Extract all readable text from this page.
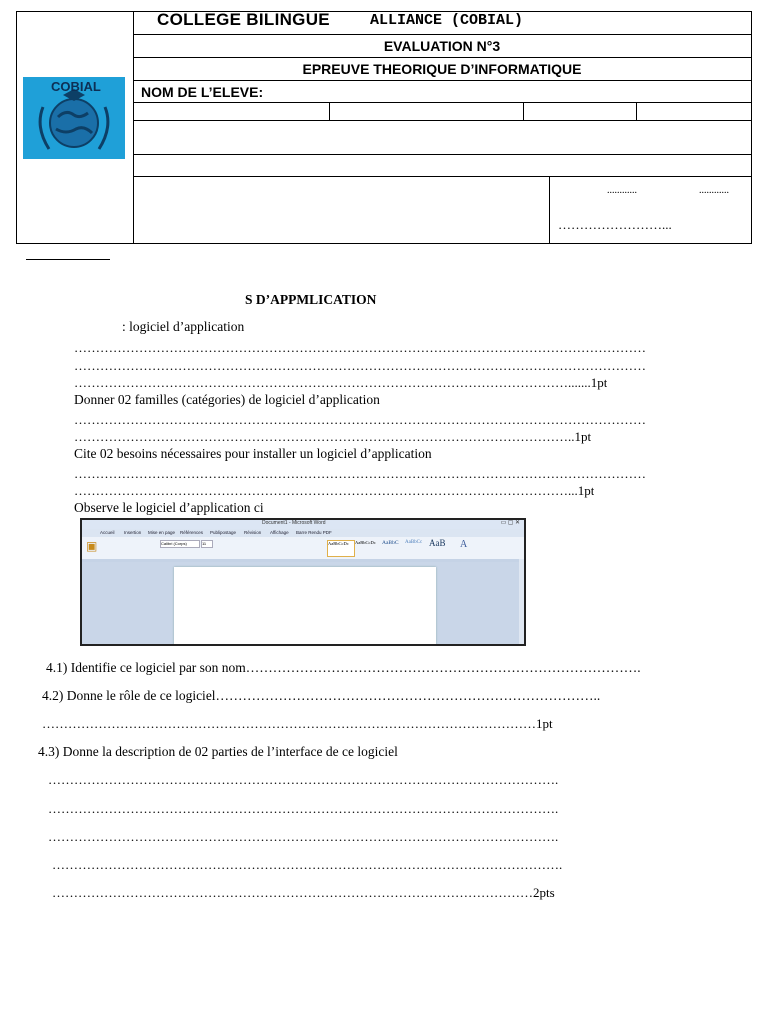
COBIAL
COLLEGE BILINGUE	ALLIANCE (COBIAL)
EVALUATION N°3
EPREUVE THEORIQUE D’INFORMATIQUE
NOM DE L’ELEVE:
............	............
……………………...
S D’APPMLICATION
: logiciel d’application
……………………………………………………………………………………………………………………
……………………………………………………………………………………………………………………
…………………………………………………………………………………………………….......1pt
Donner 02 familles (catégories) de logiciel d’application
……………………………………………………………………………………………………………………
……………………………………………………………………………………………………..1pt
Cite 02 besoins nécessaires pour installer un logiciel d’application
……………………………………………………………………………………………………………………
……………………………………………………………………………………………………...1pt
Observe le logiciel d’application ci
Document1 - Microsoft Word	▭ ▢ ✕
Accueil Insertion Mise en page Références Publipostage Révision Affichage Barre Rendu PDF
▣	Calibri (Corps)	11	AaBbCcDc	AaBbCcDc	AaBbC	AaBbCc AaB	A
4.1) Identifie ce logiciel par son nom…………………………………………………………………………….
4.2) Donne le rôle de ce logiciel…………………………………………………………………………..
……………………………………………………………………………………………………1pt
4.3) Donne la description de 02 parties de l’interface de ce logiciel
……………………………………………………………………………………………………….
……………………………………………………………………………………………………….
……………………………………………………………………………………………………….
……………………………………………………………………………………………………….
…………………………………………………………………………………………………2pts
